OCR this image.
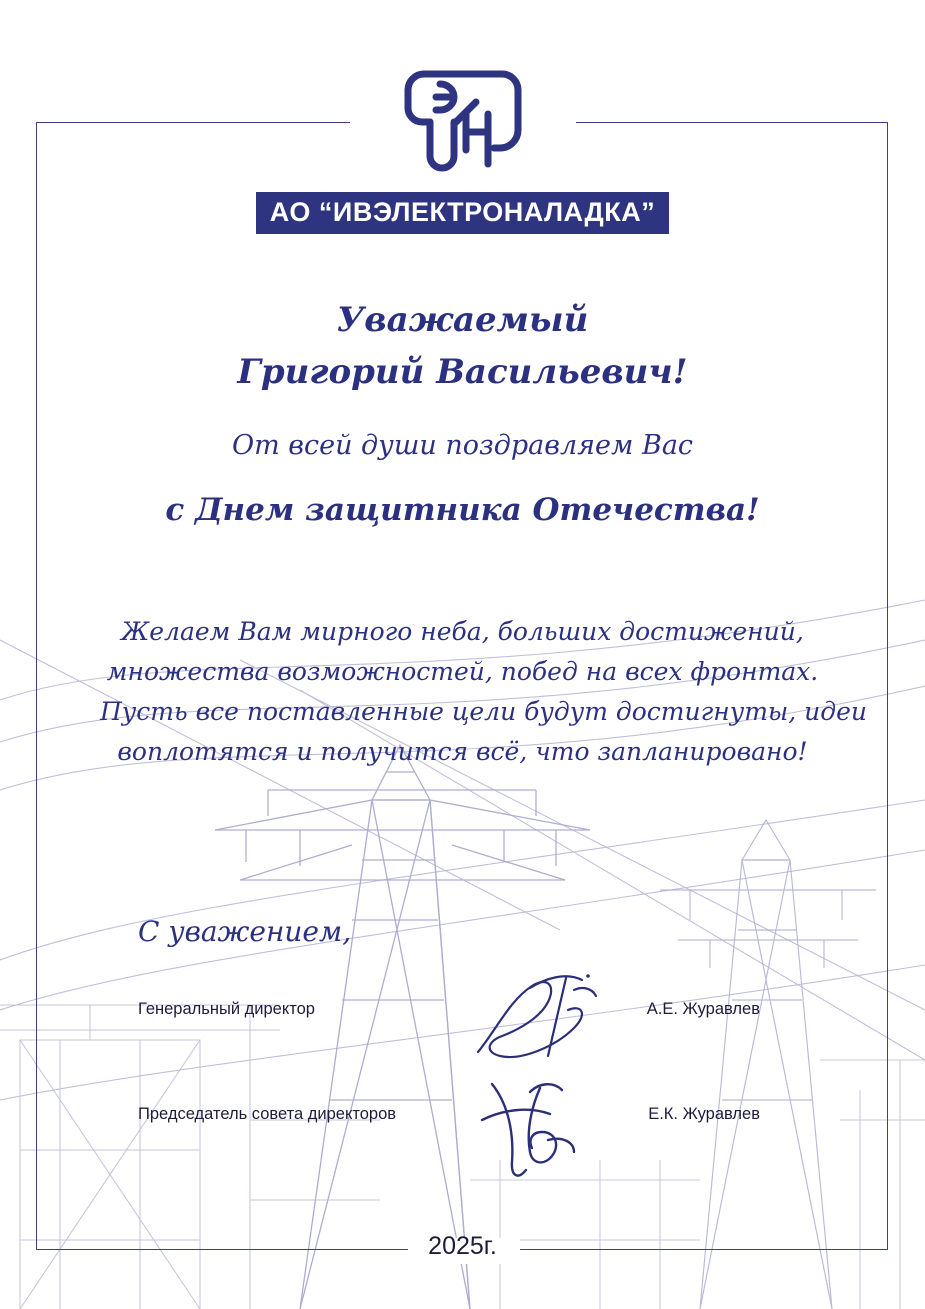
АО “ИВЭЛЕКТРОНАЛАДКА”
Уважаемый
Григорий Васильевич!
От всей души поздравляем Вас
с Днем защитника Отечества!
Желаем Вам мирного неба, больших достижений,
множества возможностей, побед на всех фронтах.
Пусть все поставленные цели будут достигнуты, идеи
воплотятся и получится всё, что запланировано!
С уважением,
Генеральный директор	А.Е. Журавлев
Председатель совета директоров	Е.К. Журавлев
2025г.
